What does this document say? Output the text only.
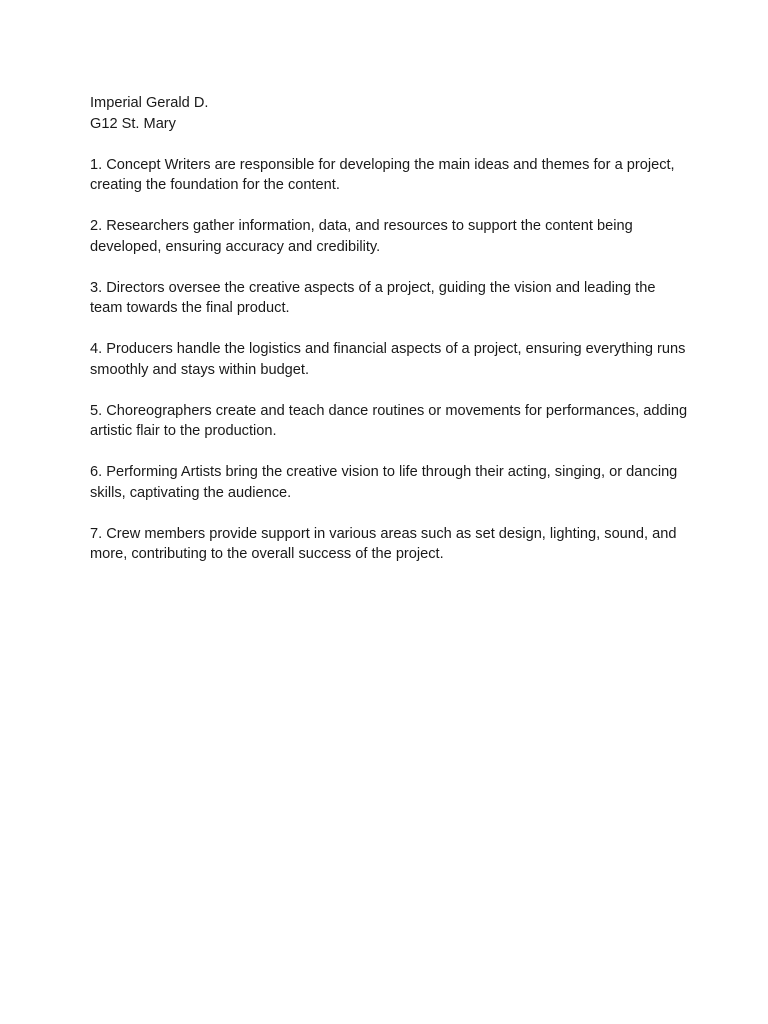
Imperial Gerald D.

G12 St. Mary

1. Concept Writers are responsible for developing the main ideas and themes for a project, creating the foundation for the content.

2. Researchers gather information, data, and resources to support the content being developed, ensuring accuracy and credibility.

3. Directors oversee the creative aspects of a project, guiding the vision and leading the team towards the final product.

4. Producers handle the logistics and financial aspects of a project, ensuring everything runs smoothly and stays within budget.

5. Choreographers create and teach dance routines or movements for performances, adding artistic flair to the production.

6. Performing Artists bring the creative vision to life through their acting, singing, or dancing skills, captivating the audience.

7. Crew members provide support in various areas such as set design, lighting, sound, and more, contributing to the overall success of the project.
